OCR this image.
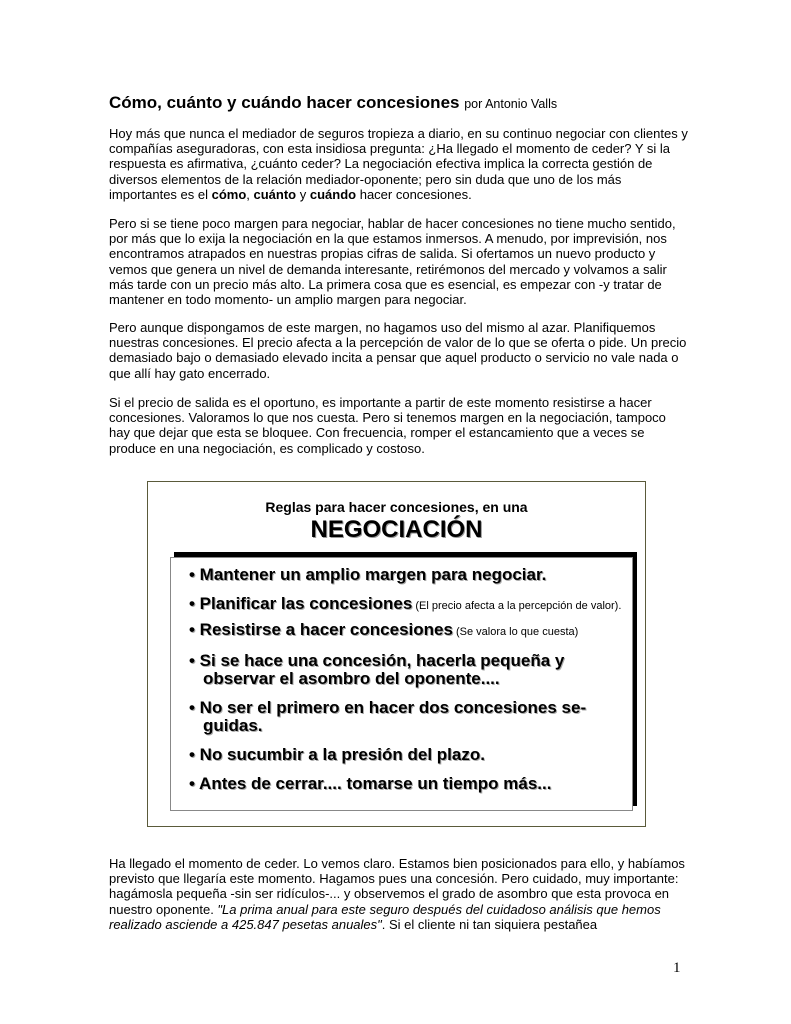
Cómo, cuánto y cuándo hacer concesiones por Antonio Valls

Hoy más que nunca el mediador de seguros tropieza a diario, en su continuo negociar con clientes y compañías aseguradoras, con esta insidiosa pregunta: ¿Ha llegado el momento de ceder? Y si la respuesta es afirmativa, ¿cuánto ceder? La negociación efectiva implica la correcta gestión de diversos elementos de la relación mediador-oponente; pero sin duda que uno de los más importantes es el cómo, cuánto y cuándo hacer concesiones.

Pero si se tiene poco margen para negociar, hablar de hacer concesiones no tiene mucho sentido, por más que lo exija la negociación en la que estamos inmersos. A menudo, por imprevisión, nos encontramos atrapados en nuestras propias cifras de salida. Si ofertamos un nuevo producto y vemos que genera un nivel de demanda interesante, retirémonos del mercado y volvamos a salir más tarde con un precio más alto. La primera cosa que es esencial, es empezar con -y tratar de mantener en todo momento- un amplio margen para negociar.

Pero aunque dispongamos de este margen, no hagamos uso del mismo al azar. Planifiquemos nuestras concesiones. El precio afecta a la percepción de valor de lo que se oferta o pide. Un precio demasiado bajo o demasiado elevado incita a pensar que aquel producto o servicio no vale nada o que allí hay gato encerrado.

Si el precio de salida es el oportuno, es importante a partir de este momento resistirse a hacer concesiones. Valoramos lo que nos cuesta. Pero si tenemos margen en la negociación, tampoco hay que dejar que esta se bloquee. Con frecuencia, romper el estancamiento que a veces se produce en una negociación, es complicado y costoso.

Reglas para hacer concesiones, en una
NEGOCIACIÓN
• Mantener un amplio margen para negociar.
• Planificar las concesiones (El precio afecta a la percepción de valor).
• Resistirse a hacer concesiones (Se valora lo que cuesta)
• Si se hace una concesión, hacerla pequeña y observar el asombro del oponente....
• No ser el primero en hacer dos concesiones se-guidas.
• No sucumbir a la presión del plazo.
• Antes de cerrar.... tomarse un tiempo más...

Ha llegado el momento de ceder. Lo vemos claro. Estamos bien posicionados para ello, y habíamos previsto que llegaría este momento. Hagamos pues una concesión. Pero cuidado, muy importante: hagámosla pequeña -sin ser ridículos-... y observemos el grado de asombro que esta provoca en nuestro oponente. "La prima anual para este seguro después del cuidadoso análisis que hemos realizado asciende a 425.847 pesetas anuales". Si el cliente ni tan siquiera pestañea

1
